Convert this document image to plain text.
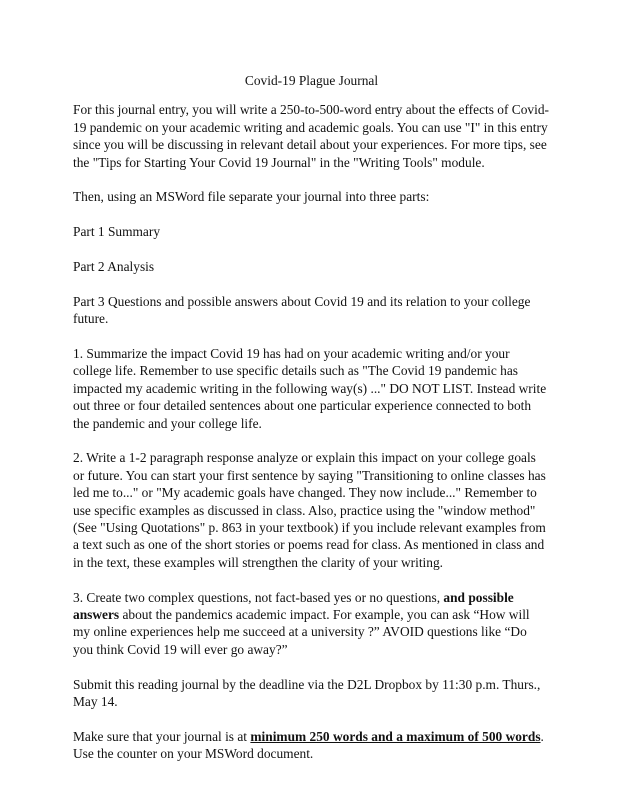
Covid-19 Plague Journal

For this journal entry, you will write a 250-to-500-word entry about the effects of Covid-19 pandemic on your academic writing and academic goals. You can use "I" in this entry since you will be discussing in relevant detail about your experiences. For more tips, see the "Tips for Starting Your Covid 19 Journal" in the "Writing Tools" module.

Then, using an MSWord file separate your journal into three parts:

Part 1 Summary

Part 2 Analysis

Part 3 Questions and possible answers about Covid 19 and its relation to your college future.

1. Summarize the impact Covid 19 has had on your academic writing and/or your college life. Remember to use specific details such as "The Covid 19 pandemic has impacted my academic writing in the following way(s) ..." DO NOT LIST. Instead write out three or four detailed sentences about one particular experience connected to both the pandemic and your college life.

2. Write a 1-2 paragraph response analyze or explain this impact on your college goals or future. You can start your first sentence by saying "Transitioning to online classes has led me to..." or "My academic goals have changed. They now include..." Remember to use specific examples as discussed in class. Also, practice using the "window method" (See "Using Quotations" p. 863 in your textbook) if you include relevant examples from a text such as one of the short stories or poems read for class. As mentioned in class and in the text, these examples will strengthen the clarity of your writing.

3. Create two complex questions, not fact-based yes or no questions, and possible answers about the pandemics academic impact. For example, you can ask “How will my online experiences help me succeed at a university ?” AVOID questions like “Do you think Covid 19 will ever go away?”

Submit this reading journal by the deadline via the D2L Dropbox by 11:30 p.m. Thurs., May 14.

Make sure that your journal is at minimum 250 words and a maximum of 500 words. Use the counter on your MSWord document.
